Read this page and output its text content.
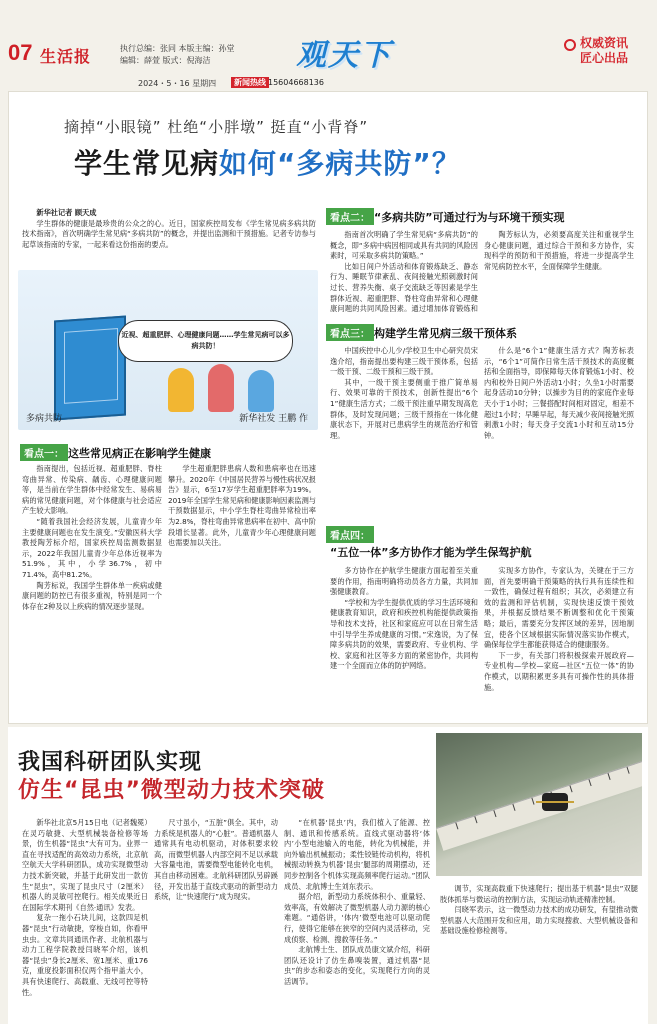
07 生活报	执行总编：张同 本版主编：孙堂
编辑：薛萱 版式：倪海洁	观天下	权威资讯
匠心出品
2024・5・16 星期四	新闻热线 15604668136
摘掉“小眼镜” 杜绝“小胖墩” 挺直“小背脊”
学生常见病如何“多病共防”？

新华社记者 顾天成

学生群体的健康是最珍贵的公众之的心。近日，国家疾控局发布《学生常见病多病共防技术指南》，首次明确学生常见病“多病共防”的概念，并提出监测和干预措施。记者专访参与起草该指南的专家，一起来看这份指南的要点。

近视、超重肥胖、心理健康问题……学生常见病可以多病共防！
多病共防	新华社发 王鹏 作
看点一： 这些常见病正在影响学生健康

指南提出，包括近视、超重肥胖、脊柱弯曲异常、传染病、龋齿、心理健康问题等，是当前在学生群体中经常发生、易病易病的常见健康问题，对个体健康与社会适应产生较大影响。

“随着我国社会经济发展，儿童青少年主要健康问题也在发生演变。”安徽医科大学教授陶芳标介绍，国家疾控局监测数据显示，2022年我国儿童青少年总体近视率为51.9%，其中，小学36.7%，初中71.4%，高中81.2%。

陶芳标说，我国学生群体单一疾病或健康问题的防控已有很多重视，特别是同一个体存在2种及以上疾病的情况逐步显现。

学生超重肥胖患病人数和患病率也在迅速攀升。2020年《中国居民营养与慢性病状况报告》显示，6至17岁学生超重肥胖率为19%。2019年全国学生常见病和健康影响因素监测与干预数据显示，中小学生脊柱弯曲异常检出率为2.8%，脊柱弯曲异常患病率在初中、高中阶段增长显著。此外，儿童青少年心理健康问题也需要加以关注。

看点二： “多病共防”可通过行为与环境干预实现

指南首次明确了学生常见病“多病共防”的概念，即“多病中病因相同或具有共同的风险因素时，可采取多病共防策略。”

比如日间户外活动和体育锻炼缺乏、静态行为、睡眠节律紊乱、夜间接触光照刺激时间过长、营养失衡、桌子交流缺乏等因素是学生群体近视、超重肥胖、脊柱弯曲异常和心理健康问题的共同风险因素。通过增加体育锻炼和

陶芳标认为，必须要高度关注和重视学生身心健康问题，通过综合干预和多方协作，实现科学的预防和干预措施，将进一步提高学生常见病防控水平，全面保障学生健康。

看点三： 构建学生常见病三级干预体系

中国疾控中心儿少/学校卫生中心研究员宋逸介绍，指南提出要构建三级干预体系，包括一级干预、二级干预和三级干预。

其中，一级干预主要侧重于推广简单易行、效果可靠的干预技术，创新性提出“6个1”健康生活方式；二级干预注重早期发现高危群体，及时发现问题；三级干预指在一体化健康状态下，开展对已患病学生的规范治疗和管理。

什么是“6个1”健康生活方式？陶芳标表示，“6个1”可简作日常生活干预技术的高度概括和全面指导，即保障每天体育锻炼1小时、校内和校外日间户外活动1小时；久坐1小时需要起身活动10分钟；以操步为目的的家庭作业每天小于1小时；三餐搭配时间相对固定，相差不超过1小时；早睡早起，每天减少夜间接触光照刺激1小时；每天身子交流1小时和互动15分钟。

看点四：
“五位一体”多方协作才能为学生保驾护航

多方协作在护航学生健康方面起着至关重要的作用，指南明确将动员各方力量，共同加强健康教育。

“学校和为学生提供优质的学习生活环境和健康教育知识，政府和疾控机构能提供政策指导和技术支持，社区和家庭应可以在日常生活中引导学生养成健康的习惯。”宋逸说，为了保障多病共防的效果，需要政府、专业机构、学校、家庭和社区等多方面的紧密协作，共同构建一个全面而立体的防护网络。

实现多方协作，专家认为，关键在于三方面，首先要明确干预策略的执行具有连续性和一致性，确保过程有组织；其次，必须建立有效的监测和评估机制，实现快速反馈干预效果，并根据反馈结果不断调整和优化干预策略；最后，需要充分发挥区域的差异，因地制宜，使各个区域根据实际情况落实协作模式，确保每位学生都能获得适合的健康服务。

下一步，有关部门将积极探索开展政府—专业机构—学校—家庭—社区“五位一体”的协作模式，以期积累更多具有可操作性的具体措施。

我国科研团队实现
仿生“昆虫”微型动力技术突破

新华社北京5月15日电（记者魏冕）在灵巧敏捷、大型机械装备检修等场景，仿生机器“昆虫”大有可为。业界一直在寻找适配的高效动力系统，北京航空航天大学科研团队，成功实现微型动力技术新突破，并基于此研发出一款仿生“昆虫”，实现了昆虫尺寸（2厘米）机器人的灵敏可控爬行。相关成果近日在国际学术期刊《自然·通讯》发表。

复杂一拖小石块儿间，这款四足机器“昆虫”行动敏捷，穿梭自如，你看甲虫虫。文章共同通讯作者、北航机器与动力工程学院教授闫晓军介绍，该机器“昆虫”身长2厘米、宽1厘米、重176克，重度投影面积仅两个指甲盖大小，具有快速爬行、高载重、无线可控等特性。

尺寸虽小，“五脏”俱全。其中，动力系统是机器人的“心脏”。普通机器人通常具有电动机驱动，对体积要求较高，而微型机器人内部空间不足以承载大容量电池，需要微型电能转化电机，其自由移动困难。北航科研团队另辟蹊径，开发出基于直线式驱动的新型动力系统，让“快速爬行”成为现实。

“在机器‘昆虫’内，我们植入了能源、控制、通讯和传感系统。直线式驱动器将‘体内’小型电池输入的电能，转化为机械能，并向外输出机械振动；柔性铰链传动机构，将机械振动转换为机器‘昆虫’腿部的周期摆动，还同步控制各个机体实现高频率爬行运动。”团队成员、北航博士生刘东表示。

据介绍，新型动力系统体积小、重量轻、效率高，有效解决了微型机器人动力源的核心难题。“通俗讲，‘体内’微型电池可以驱动爬行，使得它能够在狭窄的空间内灵活移动，完成侦察、检测、搜救等任务。”

北航博士生、团队成员康文斌介绍，科研团队还设计了仿生鼻嗅装置，通过机器“昆虫”的步态和姿态的变化，实现爬行方向的灵活调节。

调节，实现高载重下快速爬行；提出基于机器“昆虫”双腿肢体抓举与微运动的控制方法，实现运动轨迹精准控制。

闫晓军表示，这一微型动力技术的成功研发，有望推动微型机器人大范围开发和应用，助力实现搜救、大型机械设备和基础设施检修检测等。
